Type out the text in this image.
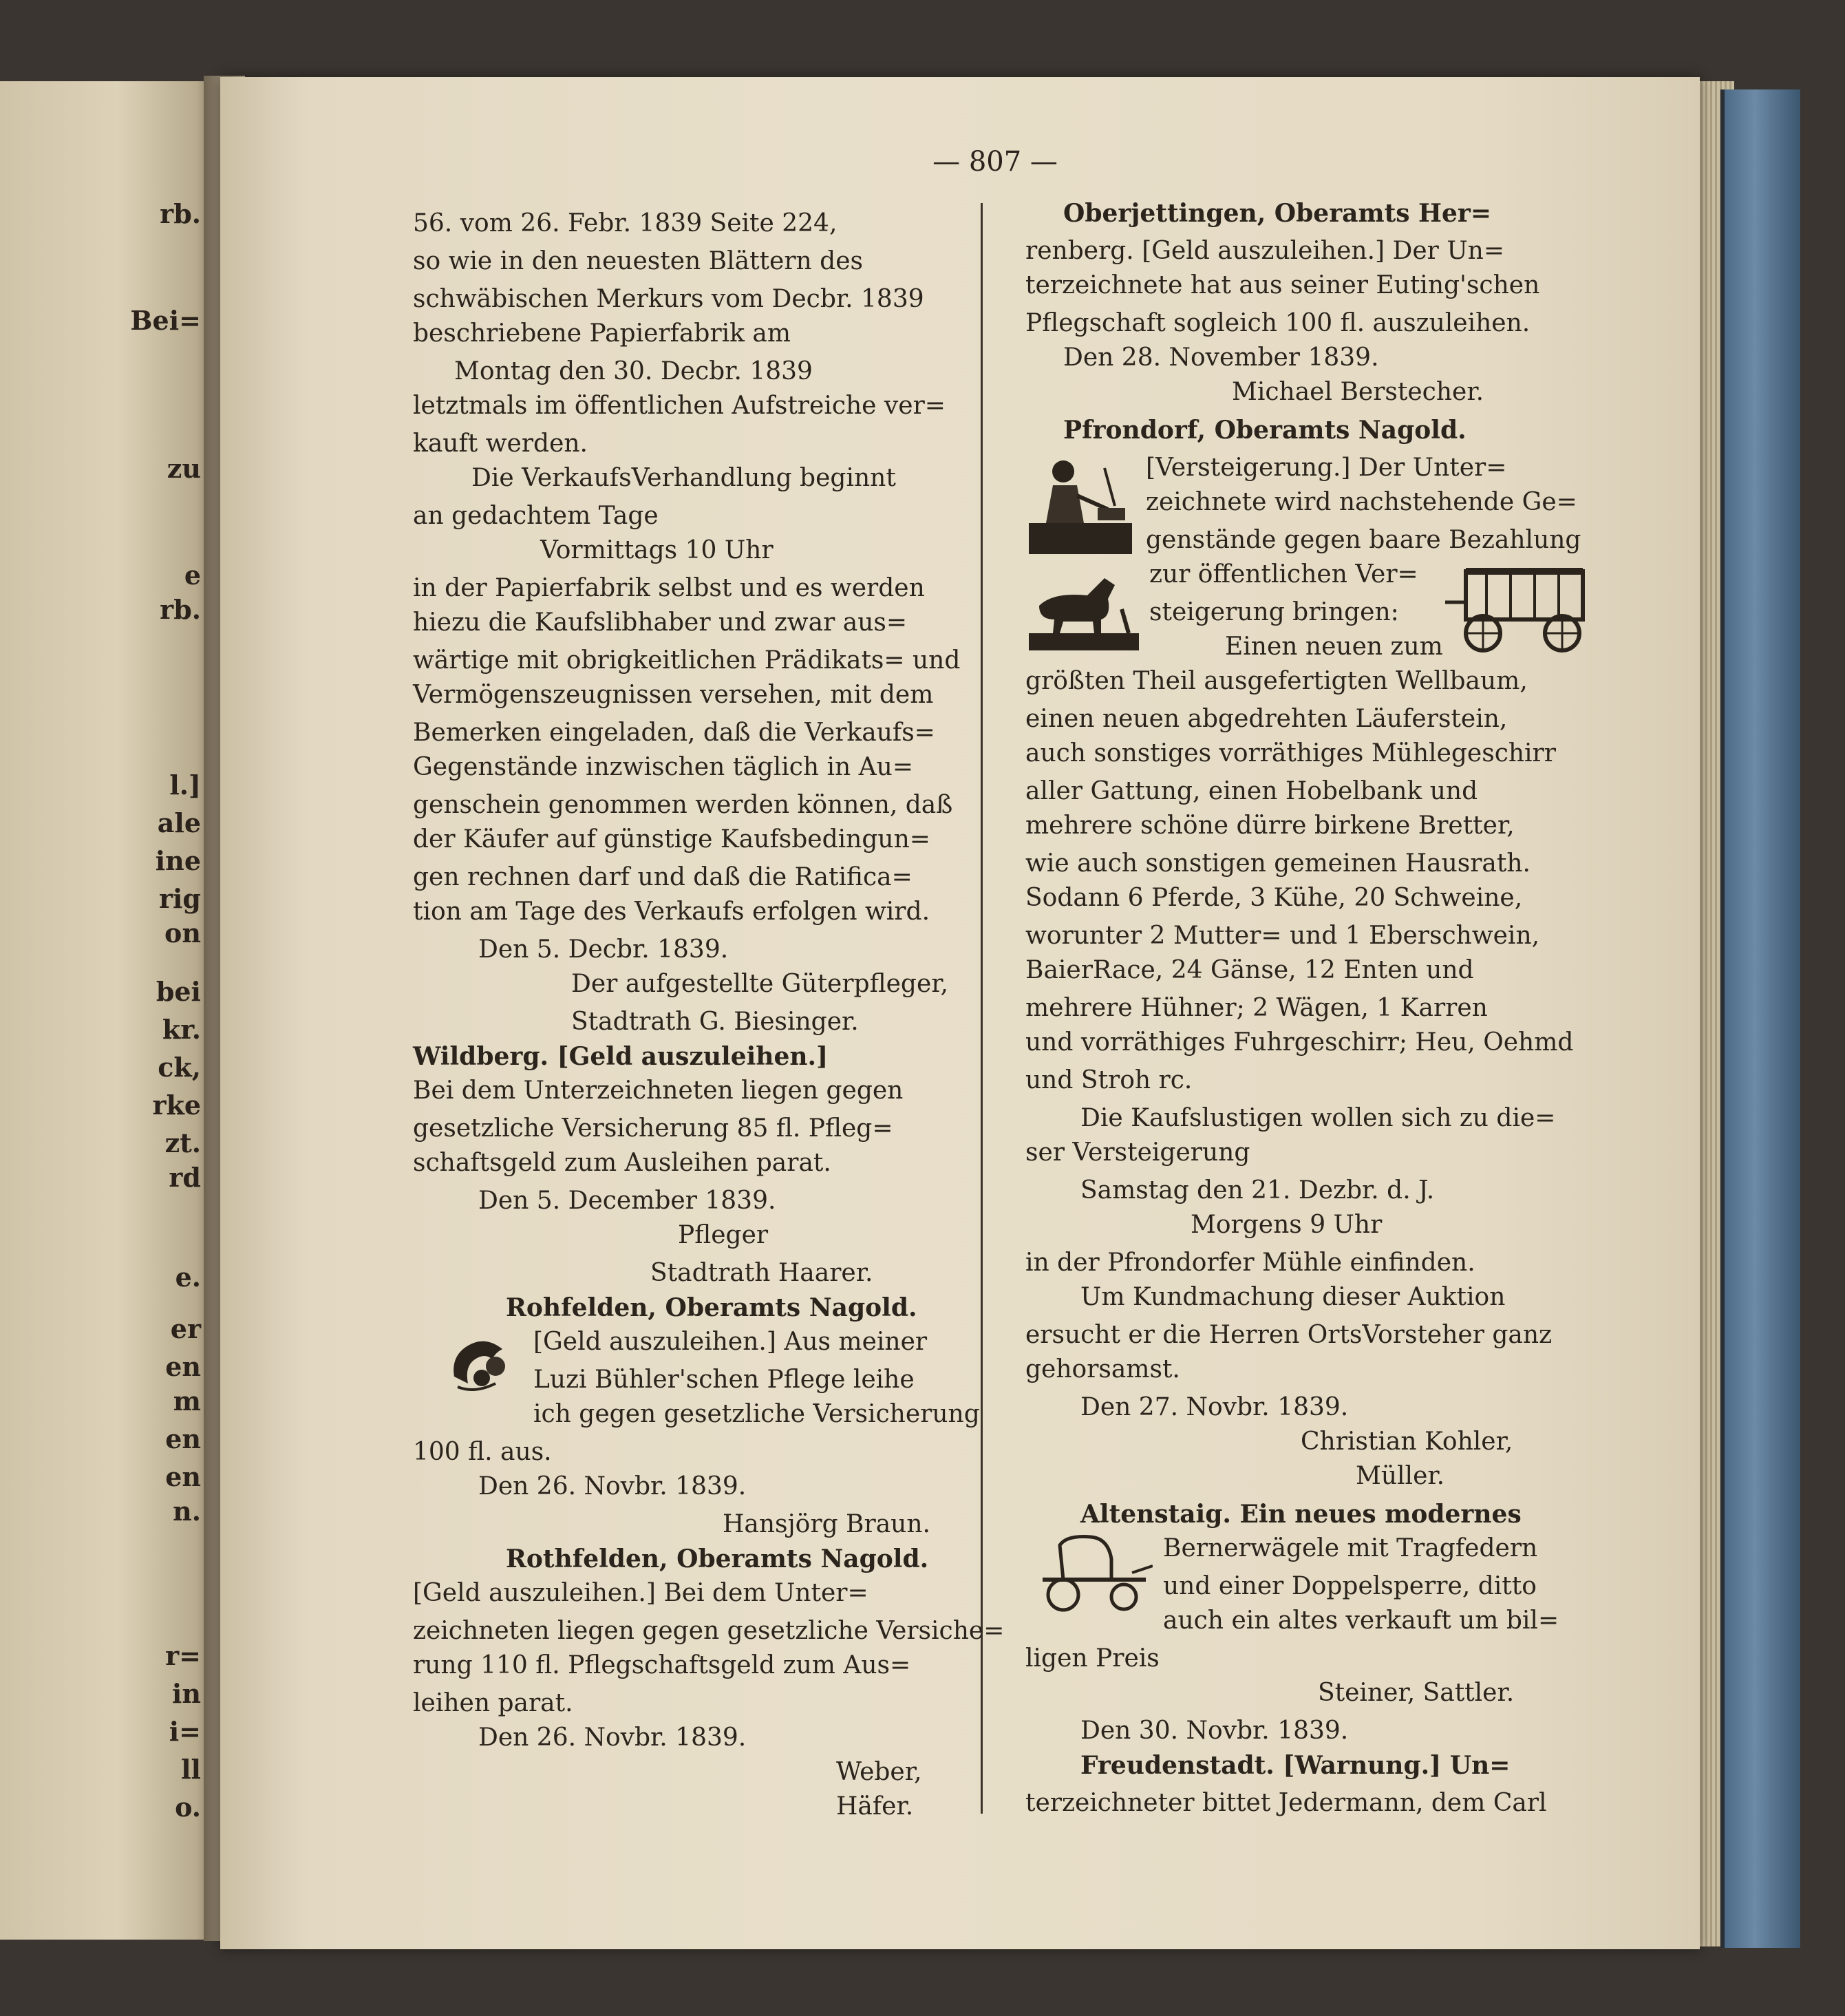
rb.
Bei=
zu
e
rb.
l.]
ale
ine
rig
on
bei
kr.
ck,
rke
zt.
rd
e.
er
en
m
en
en
n.
r=
in
i=
ll
o.
— 807 —
56. vom 26. Febr. 1839 Seite 224,
so wie in den neuesten Blättern des
schwäbischen Merkurs vom Decbr. 1839
beschriebene Papierfabrik am
Montag den 30. Decbr. 1839
letztmals im öffentlichen Aufstreiche ver=
kauft werden.
Die VerkaufsVerhandlung beginnt
an gedachtem Tage
Vormittags 10 Uhr
in der Papierfabrik selbst und es werden
hiezu die Kaufslibhaber und zwar aus=
wärtige mit obrigkeitlichen Prädikats= und
Vermögenszeugnissen versehen, mit dem
Bemerken eingeladen, daß die Verkaufs=
Gegenstände inzwischen täglich in Au=
genschein genommen werden können, daß
der Käufer auf günstige Kaufsbedingun=
gen rechnen darf und daß die Ratifica=
tion am Tage des Verkaufs erfolgen wird.
Den 5. Decbr. 1839.
Der aufgestellte Güterpfleger,
Stadtrath G. Biesinger.
Wildberg. [Geld auszuleihen.]
Bei dem Unterzeichneten liegen gegen
gesetzliche Versicherung 85 fl. Pfleg=
schaftsgeld zum Ausleihen parat.
Den 5. December 1839.
Pfleger
Stadtrath Haarer.
Rohfelden, Oberamts Nagold.
[Geld auszuleihen.] Aus meiner
Luzi Bühler'schen Pflege leihe
ich gegen gesetzliche Versicherung
100 fl. aus.
Den 26. Novbr. 1839.
Hansjörg Braun.
Rothfelden, Oberamts Nagold.
[Geld auszuleihen.] Bei dem Unter=
zeichneten liegen gegen gesetzliche Versiche=
rung 110 fl. Pflegschaftsgeld zum Aus=
leihen parat.
Den 26. Novbr. 1839.
Weber,
Häfer.
Oberjettingen, Oberamts Her=
renberg. [Geld auszuleihen.] Der Un=
terzeichnete hat aus seiner Euting'schen
Pflegschaft sogleich 100 fl. auszuleihen.
Den 28. November 1839.
Michael Berstecher.
Pfrondorf, Oberamts Nagold.
[Versteigerung.] Der Unter=
zeichnete wird nachstehende Ge=
genstände gegen baare Bezahlung
zur öffentlichen Ver=
steigerung bringen:
Einen neuen zum
größten Theil ausgefertigten Wellbaum,
einen neuen abgedrehten Läuferstein,
auch sonstiges vorräthiges Mühlegeschirr
aller Gattung, einen Hobelbank und
mehrere schöne dürre birkene Bretter,
wie auch sonstigen gemeinen Hausrath.
Sodann 6 Pferde, 3 Kühe, 20 Schweine,
worunter 2 Mutter= und 1 Eberschwein,
BaierRace, 24 Gänse, 12 Enten und
mehrere Hühner; 2 Wägen, 1 Karren
und vorräthiges Fuhrgeschirr; Heu, Oehmd
und Stroh rc.
Die Kaufslustigen wollen sich zu die=
ser Versteigerung
Samstag den 21. Dezbr. d. J.
Morgens 9 Uhr
in der Pfrondorfer Mühle einfinden.
Um Kundmachung dieser Auktion
ersucht er die Herren OrtsVorsteher ganz
gehorsamst.
Den 27. Novbr. 1839.
Christian Kohler,
Müller.
Altenstaig. Ein neues modernes
Bernerwägele mit Tragfedern
und einer Doppelsperre, ditto
auch ein altes verkauft um bil=
ligen Preis
Steiner, Sattler.
Den 30. Novbr. 1839.
Freudenstadt. [Warnung.] Un=
terzeichneter bittet Jedermann, dem Carl
